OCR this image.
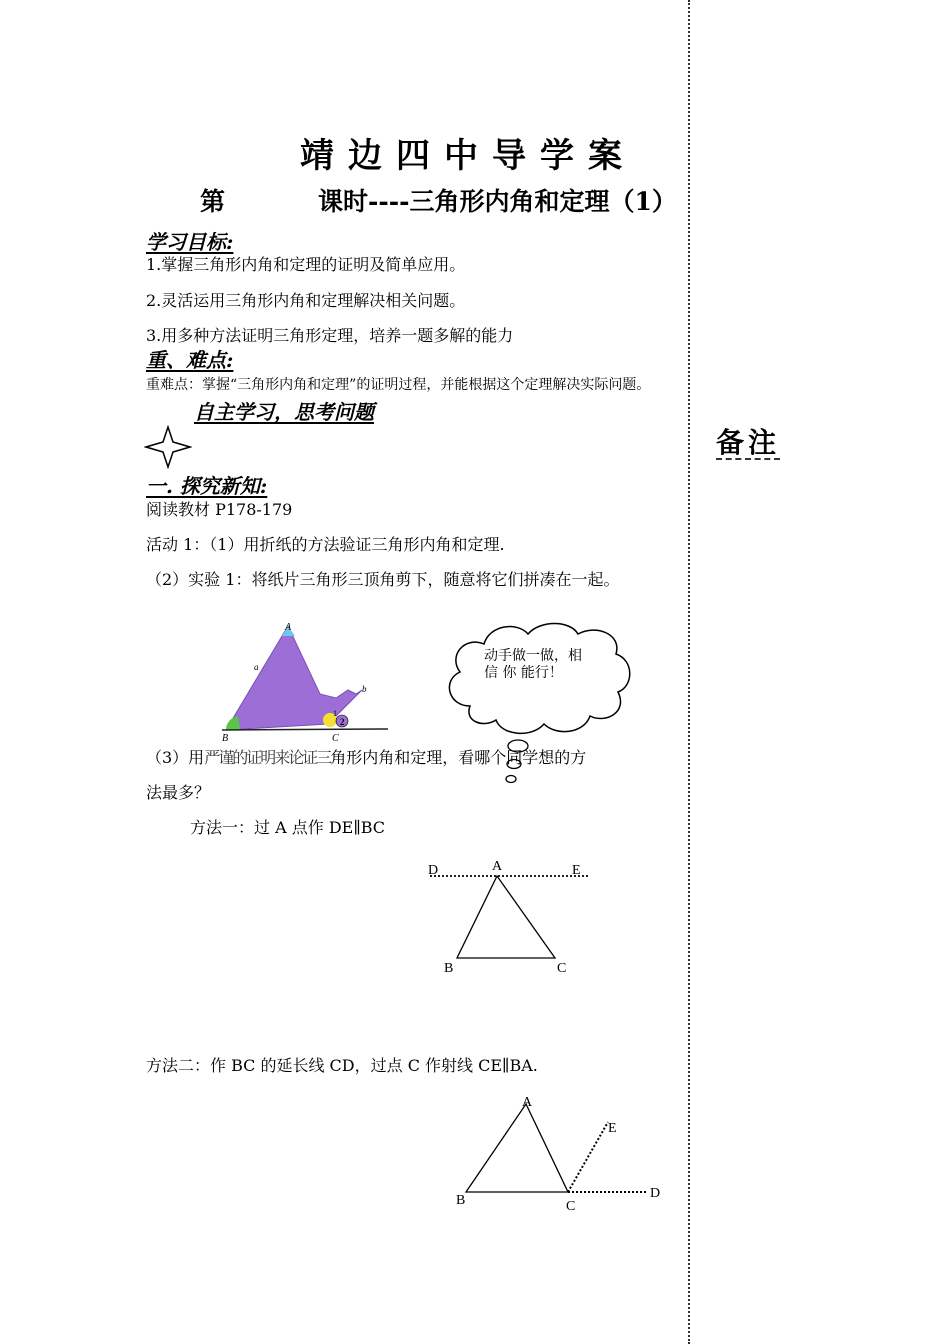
靖边四中导学案
第	课时----三角形内角和定理（1）
学习目标:
1.掌握三角形内角和定理的证明及简单应用。
2.灵活运用三角形内角和定理解决相关问题。
3.用多种方法证明三角形定理，培养一题多解的能力
重、难点:
重难点：掌握“三角形内角和定理”的证明过程，并能根据这个定理解决实际问题。
自主学习，思考问题
备注
一. 探究新知:
阅读教材 P178-179
活动 1：（1）用折纸的方法验证三角形内角和定理.
（2）实验 1：将纸片三角形三顶角剪下，随意将它们拼凑在一起。
A
a
b
B	C
1
2
动手做一做，相 信 你 能行！
（3）用严谨的证明来论证三角形内角和定理，看哪个同学想的方
法最多？
方法一：过 A 点作 DE∥BC
D	A	E
B	C
方法二：作 BC 的延长线 CD，过点 C 作射线 CE∥BA.
A
E
B	C
D
